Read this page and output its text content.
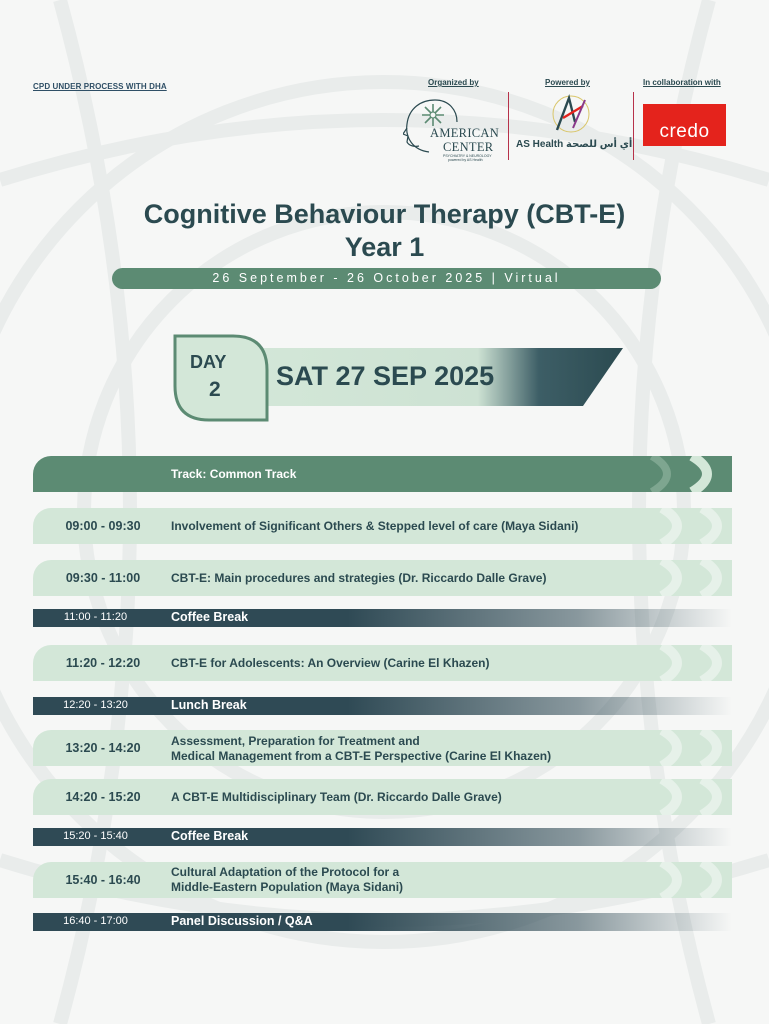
CPD UNDER PROCESS WITH DHA	Organized by
AMERICAN
CENTER
PSYCHIATRY & NEUROLOGY
powered by AS Health
Powered by
AS Health أي أس للصحة
In collaboration with
credo
Cognitive Behaviour Therapy (CBT-E)
Year 1
26 September - 26 October 2025 | Virtual
DAY
2 SAT 27 SEP 2025
Track: Common Track
09:00 - 09:30	Involvement of Significant Others & Stepped level of care (Maya Sidani)
09:30 - 11:00	CBT-E: Main procedures and strategies (Dr. Riccardo Dalle Grave)
11:00 - 11:20	Coffee Break
11:20 - 12:20	CBT-E for Adolescents: An Overview (Carine El Khazen)
12:20 - 13:20	Lunch Break
13:20 - 14:20	Assessment, Preparation for Treatment and
Medical Management from a CBT-E Perspective (Carine El Khazen)
14:20 - 15:20	A CBT-E Multidisciplinary Team (Dr. Riccardo Dalle Grave)
15:20 - 15:40	Coffee Break
15:40 - 16:40
Cultural Adaptation of the Protocol for a
Middle-Eastern Population (Maya Sidani)
16:40 - 17:00	Panel Discussion / Q&A
